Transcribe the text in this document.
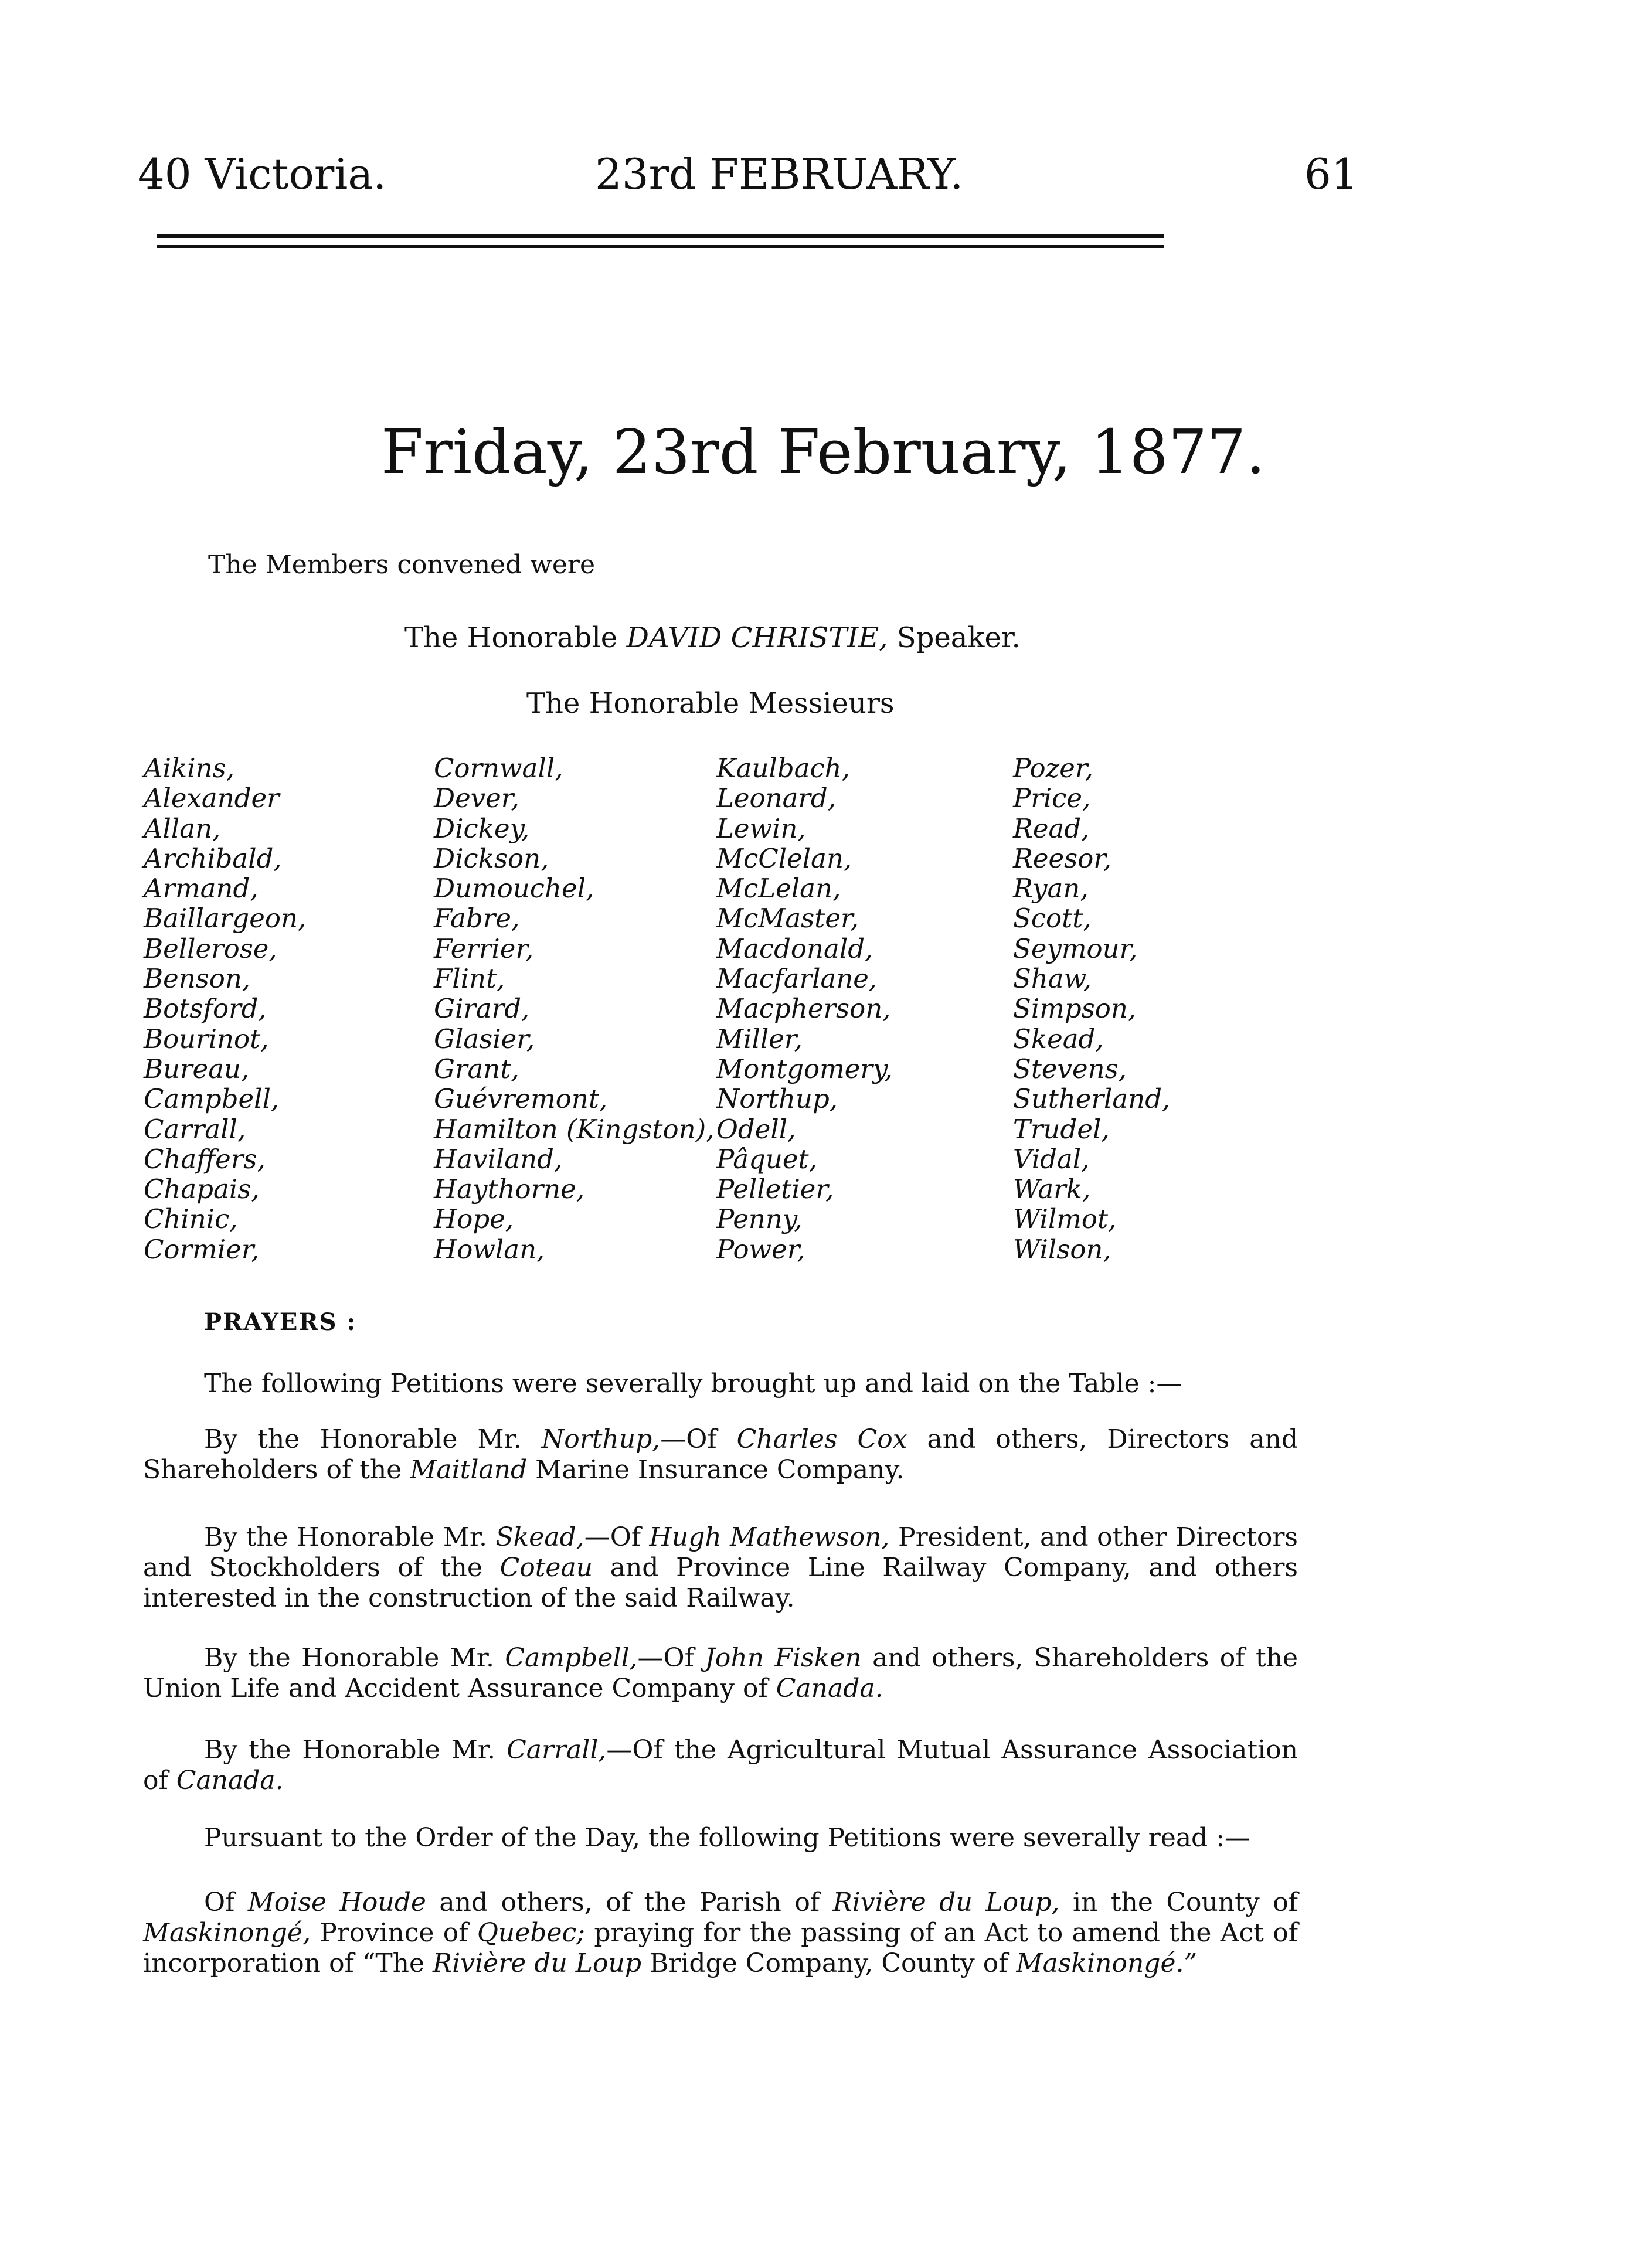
40 Victoria.	23rd FEBRUARY.	61
Friday, 23rd February, 1877.
The Members convened were
The Honorable DAVID CHRISTIE, Speaker.
The Honorable Messieurs
Aikins,
Alexander
Allan,
Archibald,
Armand,
Baillargeon,
Bellerose,
Benson,
Botsford,
Bourinot,
Bureau,
Campbell,
Carrall,
Chaffers,
Chapais,
Chinic,
Cormier,
Cornwall,
Dever,
Dickey,
Dickson,
Dumouchel,
Fabre,
Ferrier,
Flint,
Girard,
Glasier,
Grant,
Guévremont,
Hamilton (Kingston),
Haviland,
Haythorne,
Hope,
Howlan,
Kaulbach,
Leonard,
Lewin,
McClelan,
McLelan,
McMaster,
Macdonald,
Macfarlane,
Macpherson,
Miller,
Montgomery,
Northup,
Odell,
Pâquet,
Pelletier,
Penny,
Power,
Pozer,
Price,
Read,
Reesor,
Ryan,
Scott,
Seymour,
Shaw,
Simpson,
Skead,
Stevens,
Sutherland,
Trudel,
Vidal,
Wark,
Wilmot,
Wilson,
PRAYERS :
The following Petitions were severally brought up and laid on the Table :—
By the Honorable Mr. Northup,—Of Charles Cox and others, Directors and Shareholders of the Maitland Marine Insurance Company.
By the Honorable Mr. Skead,—Of Hugh Mathewson, President, and other Directors and Stockholders of the Coteau and Province Line Railway Company, and others interested in the construction of the said Railway.
By the Honorable Mr. Campbell,—Of John Fisken and others, Shareholders of the Union Life and Accident Assurance Company of Canada.
By the Honorable Mr. Carrall,—Of the Agricultural Mutual Assurance Association of Canada.
Pursuant to the Order of the Day, the following Petitions were severally read :—
Of Moise Houde and others, of the Parish of Rivière du Loup, in the County of Maskinongé, Province of Quebec; praying for the passing of an Act to amend the Act of incorporation of “The Rivière du Loup Bridge Company, County of Maskinongé.”
